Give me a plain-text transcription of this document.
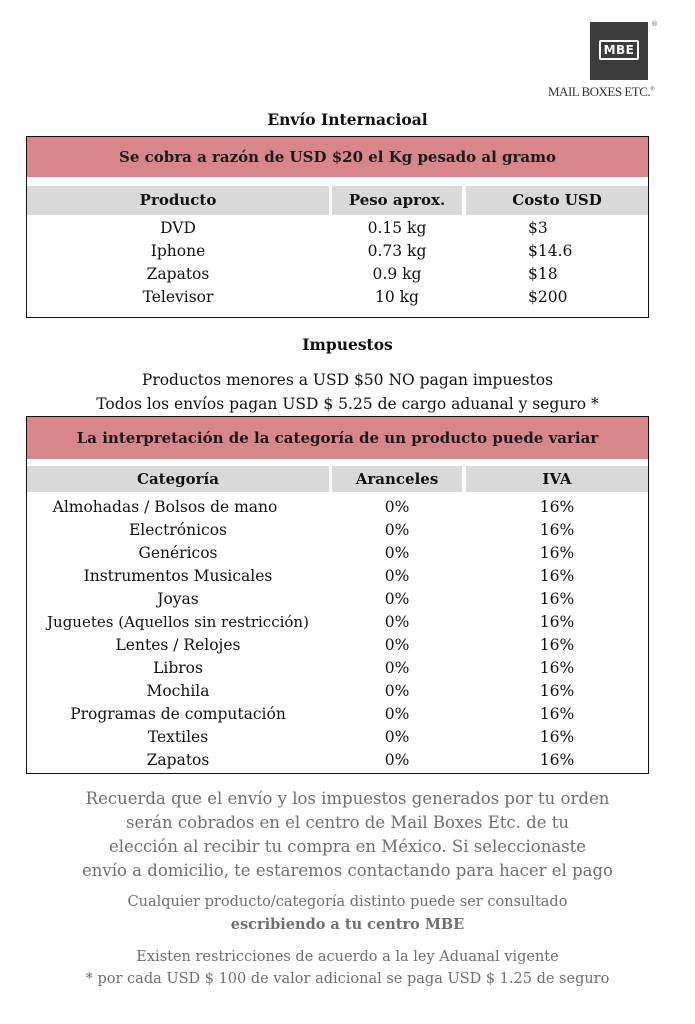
MBE
®
MAIL BOXES ETC.®
Envío Internacioal
Se cobra a razón de USD $20 el Kg pesado al gramo
Producto	Peso aprox.	Costo USD
DVD	0.15 kg	$3
Iphone	0.73 kg	$14.6
Zapatos	0.9 kg	$18
Televisor	10 kg	$200
Impuestos
Productos menores a USD $50 NO pagan impuestos
Todos los envíos pagan USD $ 5.25 de cargo aduanal y seguro *
La interpretación de la categoría de un producto puede variar
Categoría	Aranceles	IVA
Almohadas / Bolsos de mano	0%	16%
Electrónicos	0%	16%
Genéricos	0%	16%
Instrumentos Musicales	0%	16%
Joyas	0%	16%
Juguetes (Aquellos sin restricción)	0%	16%
Lentes / Relojes	0%	16%
Libros	0%	16%
Mochila	0%	16%
Programas de computación	0%	16%
Textiles	0%	16%
Zapatos	0%	16%
Recuerda que el envío y los impuestos generados por tu orden
serán cobrados en el centro de Mail Boxes Etc. de tu
elección al recibir tu compra en México. Si seleccionaste
envío a domicilio, te estaremos contactando para hacer el pago
Cualquier producto/categoría distinto puede ser consultado
escribiendo a tu centro MBE
Existen restricciones de acuerdo a la ley Aduanal vigente
* por cada USD $ 100 de valor adicional se paga USD $ 1.25 de seguro
